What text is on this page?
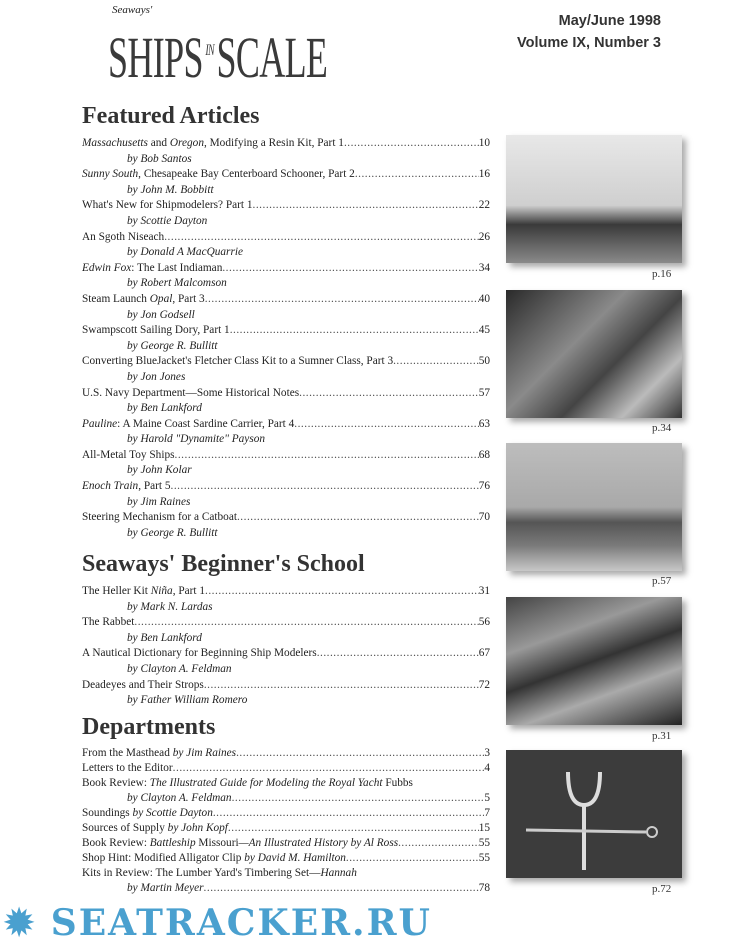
Seaways'
SHIPS $^{IN}$SCALE
May/June 1998
Volume IX, Number 3
Featured Articles
Massachusetts and Oregon, Modifying a Resin Kit, Part 1 .....	10
by Bob Santos
Sunny South, Chesapeake Bay Centerboard Schooner, Part 2 .....	16
by John M. Bobbitt
What's New for Shipmodelers? Part 1 .....	22
by Scottie Dayton
An Sgoth Niseach .....	26
by Donald A MacQuarrie
Edwin Fox: The Last Indiaman .....	34
by Robert Malcomson
Steam Launch Opal, Part 3 .....	40
by Jon Godsell
Swampscott Sailing Dory, Part 1 .....	45
by George R. Bullitt
Converting BlueJacket's Fletcher Class Kit to a Sumner Class, Part 3 .....	50
by Jon Jones
U.S. Navy Department—Some Historical Notes .....	57
by Ben Lankford
Pauline: A Maine Coast Sardine Carrier, Part 4 .....	63
by Harold "Dynamite" Payson
All-Metal Toy Ships .....	68
by John Kolar
Enoch Train, Part 5 .....	76
by Jim Raines
Steering Mechanism for a Catboat .....	70
by George R. Bullitt
Seaways' Beginner's School
The Heller Kit Niña, Part 1 .....	31
by Mark N. Lardas
The Rabbet .....	56
by Ben Lankford
A Nautical Dictionary for Beginning Ship Modelers .....	67
by Clayton A. Feldman
Deadeyes and Their Strops .....	72
by Father William Romero
Departments
From the Masthead by Jim Raines .....	3
Letters to the Editor .....	4
Book Review: The Illustrated Guide for Modeling the Royal Yacht Fubbs
by Clayton A. Feldman .....	5
Soundings by Scottie Dayton .....	7
Sources of Supply by John Kopf .....	15
Book Review: Battleship Missouri—An Illustrated History by Al Ross .....	55
Shop Hint: Modified Alligator Clip by David M. Hamilton .....	55
Kits in Review: The Lumber Yard's Timbering Set—Hannah
by Martin Meyer .....	78
p.16
p.34
p.57
p.31
p.72
✹ SEATRACKER.RU
